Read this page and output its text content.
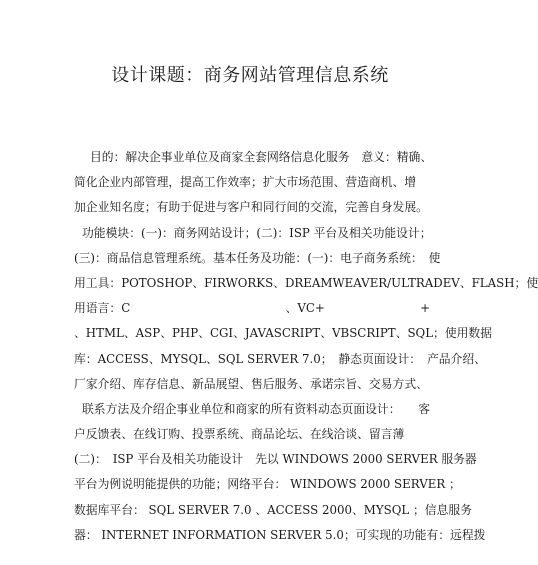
设计课题：商务网站管理信息系统
目的：解决企事业单位及商家全套网络信息化服务　意义：精确、
简化企业内部管理，提高工作效率；扩大市场范围、营造商机、增
加企业知名度；有助于促进与客户和同行间的交流，完善自身发展。
功能模块：(一)：商务网站设计；(二)：ISP 平台及相关功能设计；
(三)：商品信息管理系统。基本任务及功能：(一)：电子商务系统：　使
用工具：POTOSHOP、FIRWORKS、DREAMWEAVER/ULTRADEV、FLASH；使
用语言：C	、VC+	+
、HTML、ASP、PHP、CGI、JAVASCRIPT、VBSCRIPT、SQL；使用数据
库：ACCESS、MYSQL、SQL SERVER 7.0；　静态页面设计：　产品介绍、
厂家介绍、库存信息、新品展望、售后服务、承诺宗旨、交易方式、
联系方法及介绍企事业单位和商家的所有资料动态页面设计：　　客
户反馈表、在线订购、投票系统、商品论坛、在线洽谈、留言薄
(二)：　ISP 平台及相关功能设计　先以 WINDOWS 2000 SERVER 服务器
平台为例说明能提供的功能；网络平台： WINDOWS 2000 SERVER ；
数据库平台： SQL SERVER 7.0 、ACCESS 2000、MYSQL ；信息服务
器： INTERNET INFORMATION SERVER 5.0；可实现的功能有：远程拨
